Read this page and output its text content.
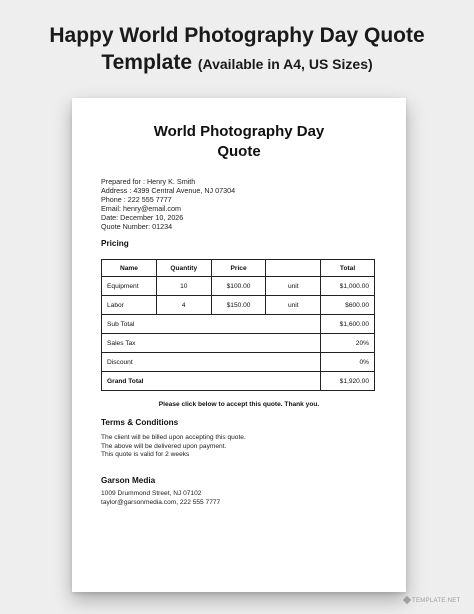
Happy World Photography Day Quote
Template (Available in A4, US Sizes)
World Photography Day
Quote
Prepared for : Henry K. Smith
Address : 4399 Central Avenue, NJ 07304
Phone : 222 555 7777
Email: henry@email.com
Date: December 10, 2026
Quote Number: 01234
Pricing
Name	Quantity	Price		Total
Equipment	10	$100.00	unit	$1,000.00
Labor	4	$150.00	unit	$600.00
Sub Total				$1,600.00
Sales Tax				20%
Discount				0%
Grand Total				$1,920.00
Please click below to accept this quote. Thank you.
Terms & Conditions
The client will be billed upon accepting this quote.
The above will be delivered upon payment.
This quote is valid for 2 weeks
Garson Media
1009 Drummond Street, NJ 07102
taylor@garsonmedia.com, 222 555 7777
TEMPLATE.NET
